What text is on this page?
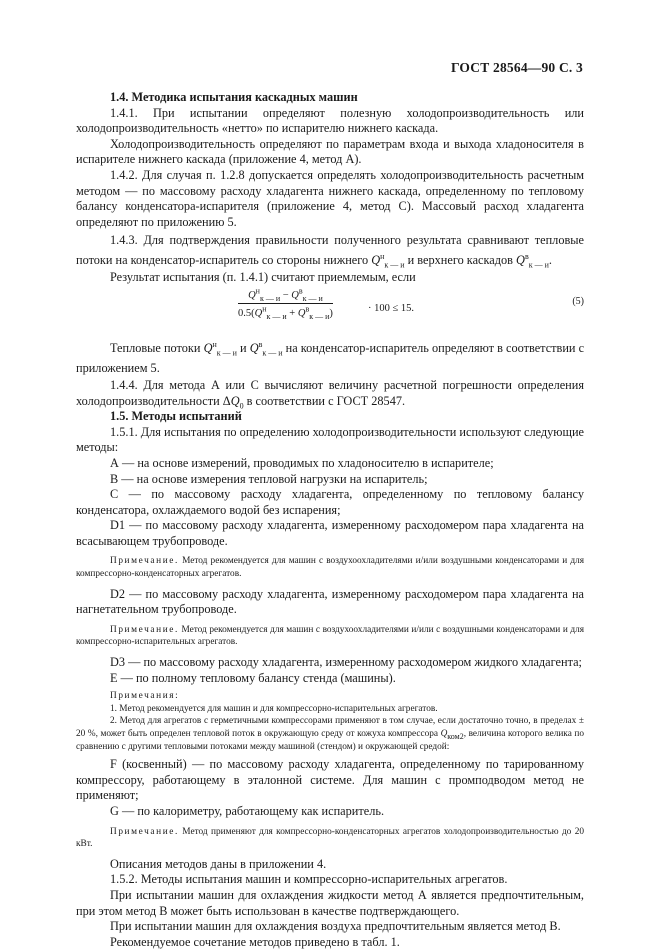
ГОСТ 28564—90 С. 3

1.4. Методика испытания каскадных машин

1.4.1. При испытании определяют полезную холодопроизводительность или холодопроизводительность «нетто» по испарителю нижнего каскада.

Холодопроизводительность определяют по параметрам входа и выхода хладоносителя в испарителе нижнего каскада (приложение 4, метод А).

1.4.2. Для случая п. 1.2.8 допускается определять холодопроизводительность расчетным методом — по массовому расходу хладагента нижнего каскада, определенному по тепловому балансу конденсатора-испарителя (приложение 4, метод С). Массовый расход хладагента определяют по приложению 5.

1.4.3. Для подтверждения правильности полученного результата сравнивают тепловые потоки на конденсатор-испаритель со стороны нижнего $Q^н_{к — и}$ и верхнего каскадов $Q^в_{к — и}$.

Результат испытания (п. 1.4.1) считают приемлемым, если

$Q^н_{к — и} - Q^в_{к — и}$
$0.5(Q^н_{к — и} + Q^в_{к — и})$	· 100 ≤ 15.
(5)

Тепловые потоки $Q^н_{к — и}$ и $Q^в_{к — и}$ на конденсатор-испаритель определяют в соответствии с приложением 5.

1.4.4. Для метода А или С вычисляют величину расчетной погрешности определения холодопроизводительности $\Delta Q_0$ в соответствии с ГОСТ 28547.

1.5. Методы испытаний

1.5.1. Для испытания по определению холодопроизводительности используют следующие методы:

А — на основе измерений, проводимых по хладоносителю в испарителе;

В — на основе измерения тепловой нагрузки на испаритель;

С — по массовому расходу хладагента, определенному по тепловому балансу конденсатора, охлаждаемого водой без испарения;

D1 — по массовому расходу хладагента, измеренному расходомером пара хладагента на всасывающем трубопроводе.

Примечание. Метод рекомендуется для машин с воздухоохладителями и/или воздушными конденсаторами и для компрессорно-конденсаторных агрегатов.

D2 — по массовому расходу хладагента, измеренному расходомером пара хладагента на нагнетательном трубопроводе.

Примечание. Метод рекомендуется для машин с воздухоохладителями и/или с воздушными конденсаторами и для компрессорно-испарительных агрегатов.

D3 — по массовому расходу хладагента, измеренному расходомером жидкого хладагента;

Е — по полному тепловому балансу стенда (машины).

Примечания:

1. Метод рекомендуется для машин и для компрессорно-испарительных агрегатов.

2. Метод для агрегатов с герметичными компрессорами применяют в том случае, если достаточно точно, в пределах ± 20 %, может быть определен тепловой поток в окружающую среду от кожуха компрессора $Q_{ком2}$, величина которого велика по сравнению с другими тепловыми потоками между машиной (стендом) и окружающей средой:

F (косвенный) — по массовому расходу хладагента, определенному по тарированному компрессору, работающему в эталонной системе. Для машин с промподводом метод не применяют;

G — по калориметру, работающему как испаритель.

Примечание. Метод применяют для компрессорно-конденсаторных агрегатов холодопроизводительностью до 20 кВт.

Описания методов даны в приложении 4.

1.5.2. Методы испытания машин и компрессорно-испарительных агрегатов.

При испытании машин для охлаждения жидкости метод А является предпочтительным, при этом метод В может быть использован в качестве подтверждающего.

При испытании машин для охлаждения воздуха предпочтительным является метод В.

Рекомендуемое сочетание методов приведено в табл. 1.
